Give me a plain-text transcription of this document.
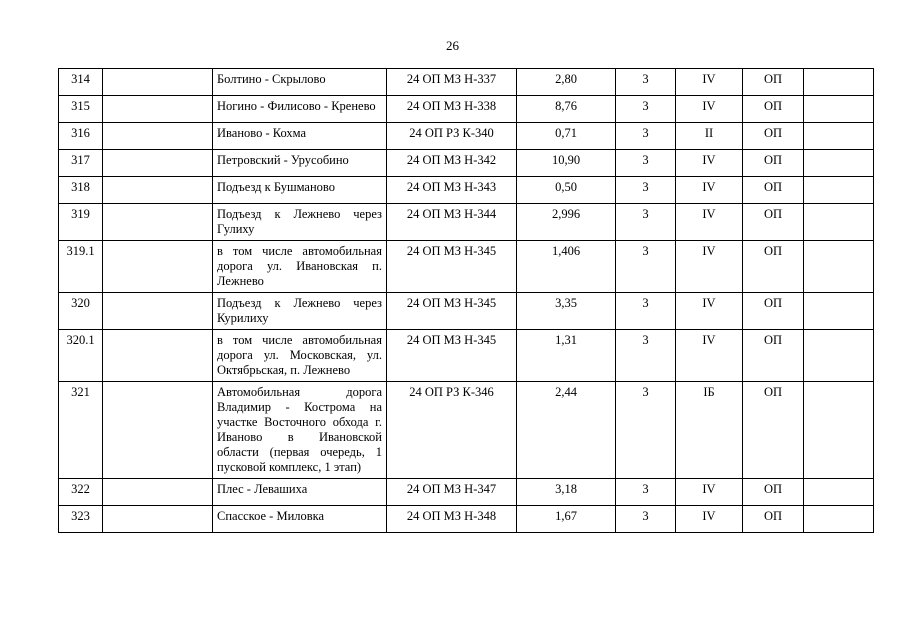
26
314		Болтино - Скрылово	24 ОП МЗ Н-337	2,80	3	IV	ОП	
315		Ногино - Филисово - Кренево	24 ОП МЗ Н-338	8,76	3	IV	ОП	
316		Иваново - Кохма	24 ОП РЗ К-340	0,71	3	II	ОП	
317		Петровский - Урусобино	24 ОП МЗ Н-342	10,90	3	IV	ОП	
318		Подъезд к Бушманово	24 ОП МЗ Н-343	0,50	3	IV	ОП	
319		Подъезд к Лежнево через Гулиху	24 ОП МЗ Н-344	2,996	3	IV	ОП	
319.1		в том числе автомобильная дорога ул. Ивановская п. Лежнево	24 ОП МЗ Н-345	1,406	3	IV	ОП	
320		Подъезд к Лежнево через Курилиху	24 ОП МЗ Н-345	3,35	3	IV	ОП	
320.1		в том числе автомобильная дорога ул. Московская, ул. Октябрьская, п. Лежнево	24 ОП МЗ Н-345	1,31	3	IV	ОП	
321		Автомобильная дорога Владимир - Кострома на участке Восточного обхода г. Иваново в Ивановской области (первая очередь, 1 пусковой комплекс, 1 этап)	24 ОП РЗ К-346	2,44	3	IБ	ОП	
322		Плес - Левашиха	24 ОП МЗ Н-347	3,18	3	IV	ОП	
323		Спасское - Миловка	24 ОП МЗ Н-348	1,67	3	IV	ОП	
